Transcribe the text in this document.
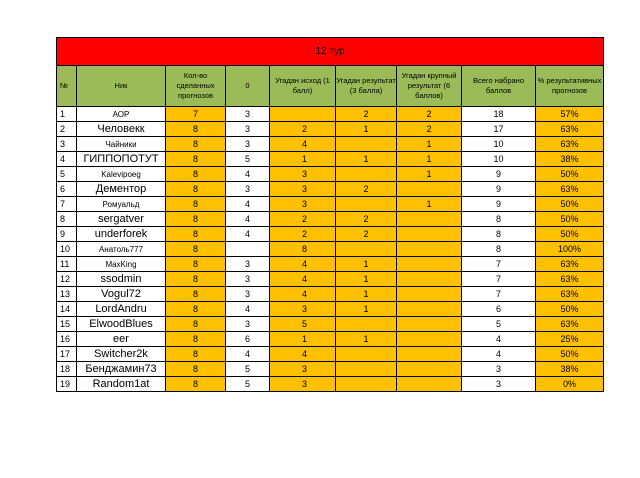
12 тур								
№	Ник	Кол-во сделанных прогнозов	0	Угадан исход (1 балл)	Угадан результат (3 балла)	Угадан крупный результат (6 баллов)	Всего набрано баллов	% результативных прогнозов
1	АОР	7	3		2	2	18	57%
2	Человекк	8	3	2	1	2	17	63%
3	Чайники	8	3	4		1	10	63%
4	ГИППОПОТУТ	8	5	1	1	1	10	38%
5	Kalevipoeg	8	4	3		1	9	50%
6	Дементор	8	3	3	2		9	63%
7	Ромуальд	8	4	3		1	9	50%
8	sergatver	8	4	2	2		8	50%
9	underforek	8	4	2	2		8	50%
10	Анатоль777	8		8			8	100%
11	MaxKing	8	3	4	1		7	63%
12	ssodmin	8	3	4	1		7	63%
13	Vogul72	8	3	4	1		7	63%
14	LordAndru	8	4	3	1		6	50%
15	ElwoodBlues	8	3	5			5	63%
16	eer	8	6	1	1		4	25%
17	Switcher2k	8	4	4			4	50%
18	Бенджамин73	8	5	3			3	38%
19	Random1at	8	5	3			3	0%
